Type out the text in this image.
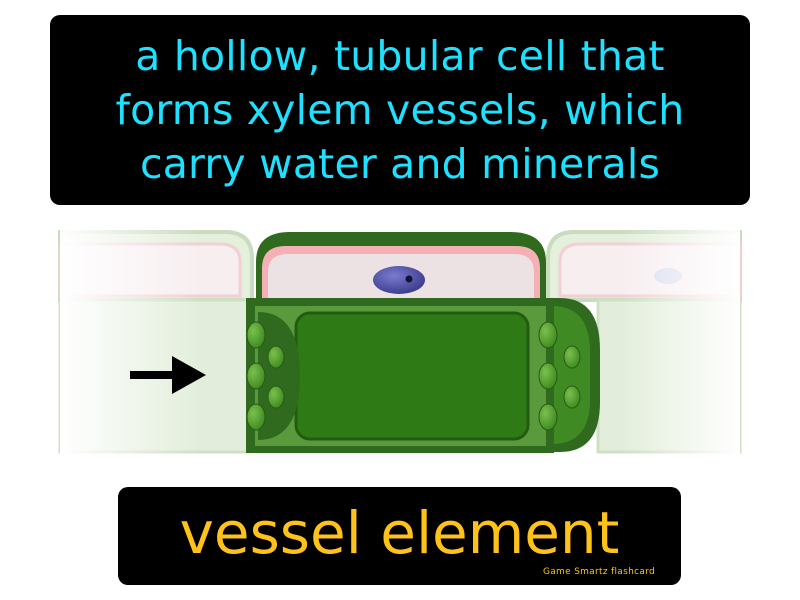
a hollow, tubular cell that
forms xylem vessels, which
carry water and minerals
vessel element
Game Smartz flashcard
